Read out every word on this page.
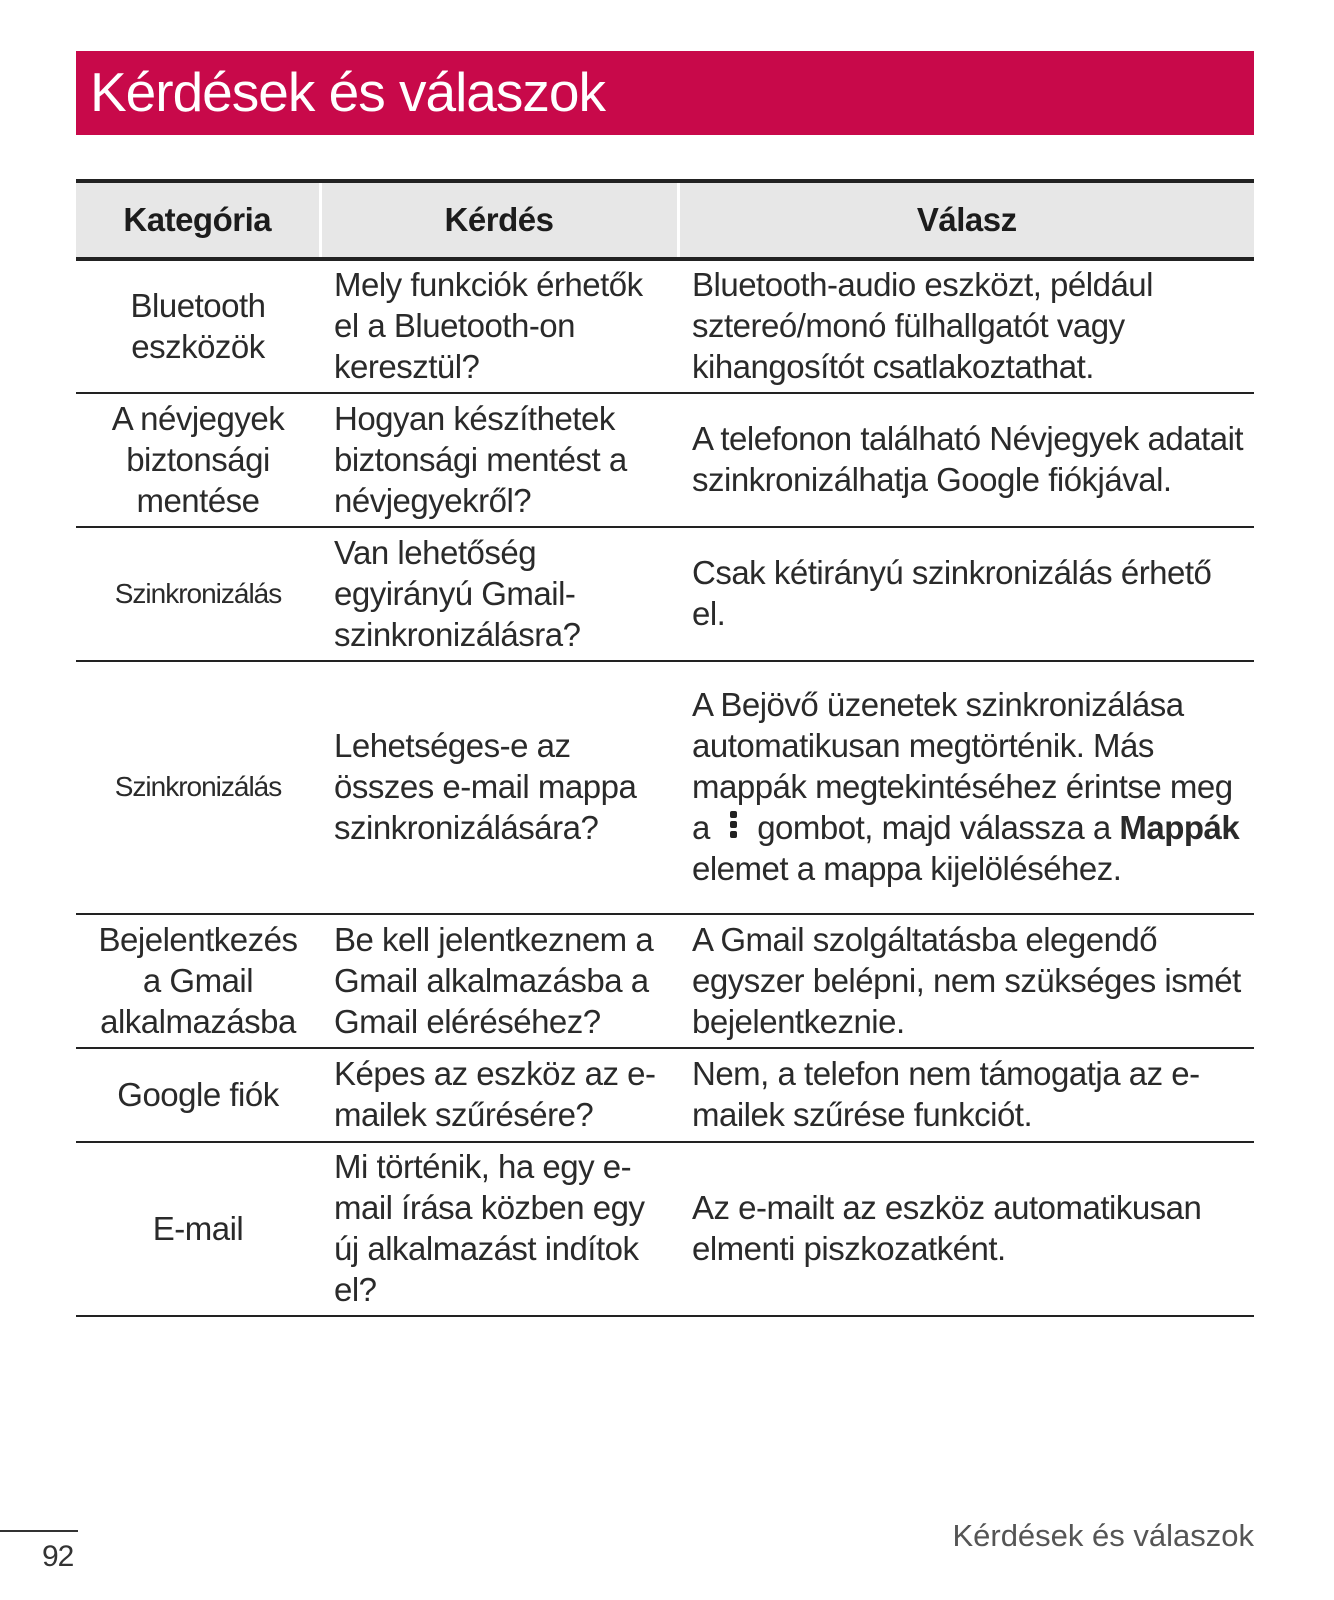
Kérdések és válaszok
Kategória	Kérdés	Válasz

Bluetooth eszközök	Mely funkciók érhetők el a Bluetooth-on keresztül?	Bluetooth-audio eszközt, például sztereó/monó fülhallgatót vagy kihangosítót csatlakoztathat.

A névjegyek biztonsági mentése	Hogyan készíthetek biztonsági mentést a névjegyekről?	A telefonon található Névjegyek adatait szinkronizálhatja Google fiókjával.
Szinkronizálás	Van lehetőség egyirányú Gmail-szinkronizálásra?	Csak kétirányú szinkronizálás érhető el.
Szinkronizálás	Lehetséges-e az összes e-mail mappa szinkronizálására?	A Bejövő üzenetek szinkronizálása automatikusan megtörténik. Más mappák megtekintéséhez érintse meg a gombot, majd válassza a Mappák elemet a mappa kijelöléséhez.

Bejelentkezés a Gmail alkalmazásba	Be kell jelentkeznem a Gmail alkalmazásba a Gmail eléréséhez?	A Gmail szolgáltatásba elegendő egyszer belépni, nem szükséges ismét bejelentkeznie.
Google fiók	Képes az eszköz az e-mailek szűrésére?	Nem, a telefon nem támogatja az e-mailek szűrése funkciót.
E-mail	Mi történik, ha egy e-mail írása közben egy új alkalmazást indítok el?	Az e-mailt az eszköz automatikusan elmenti piszkozatként.
92
Kérdések és válaszok
